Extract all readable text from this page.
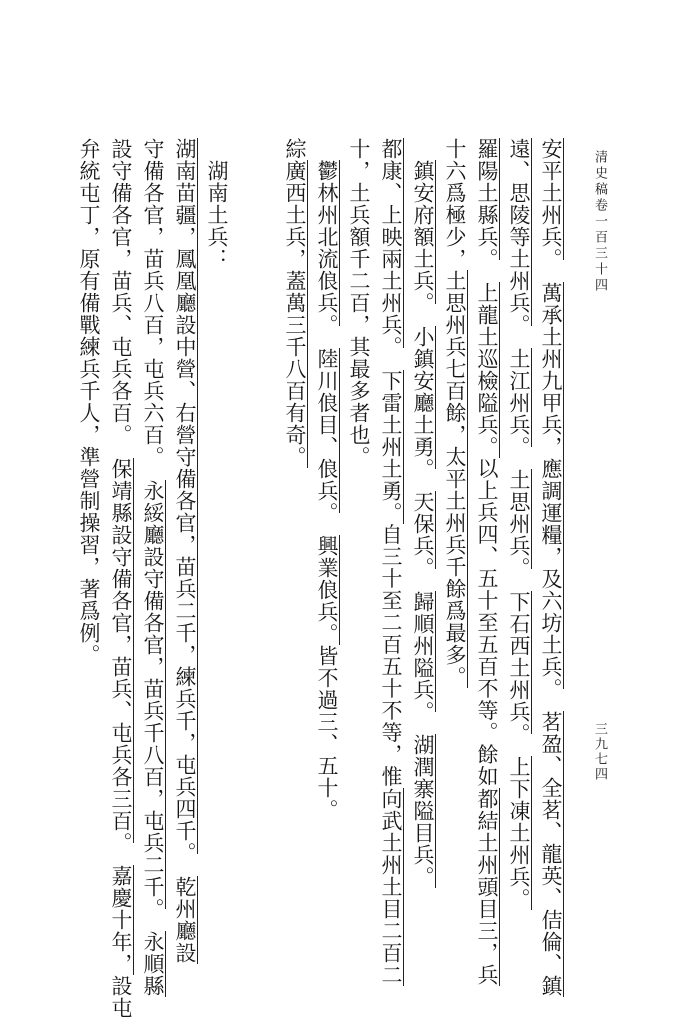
清史稿卷一百三十四
三九七四
安平土州兵。　萬承土州九甲兵，應調運糧，及六坊土兵。　茗盈、全茗、龍英、佶倫、鎮
遠、思陵等土州兵。　土江州兵。　土思州兵。　下石西土州兵。　上下凍土州兵。
羅陽土縣兵。　上龍土巡檢隘兵。以上兵四、五十至五百不等。餘如都結土州頭目三，兵
十六爲極少，土思州兵七百餘，太平土州兵千餘爲最多。
　鎮安府額土兵。　小鎮安廳土勇。　天保兵。　歸順州隘兵。　湖潤寨隘目兵。
都康、上映兩土州兵。　下雷土州土勇。自三十至二百五十不等，惟向武土州土目二百二
十，土兵額千二百，其最多者也。
　鬱林州北流俍兵。　陸川俍目、俍兵。　興業俍兵。皆不過三、五十。
綜廣西土兵，蓋萬三千八百有奇。
　湖南土兵：
湖南苗疆，鳳凰廳設中營、右營守備各官，苗兵二千，練兵千，屯兵四千。　乾州廳設
守備各官，苗兵八百，屯兵六百。　永綏廳設守備各官，苗兵千八百，屯兵二千。　永順縣
設守備各官，苗兵、屯兵各百。　保靖縣設守備各官，苗兵、屯兵各三百。　嘉慶十年，設屯
弁統屯丁，原有備戰練兵千人，準營制操習，著爲例。
